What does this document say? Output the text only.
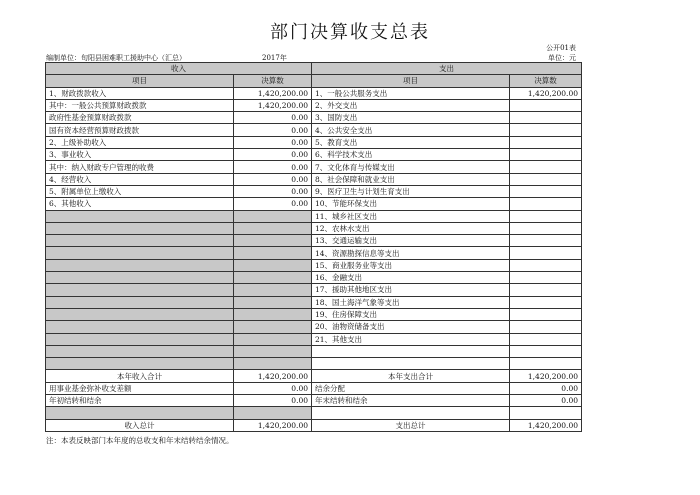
部门决算收支总表
公开01表
编制单位：旬阳县困难职工援助中心（汇总）	2017年	单位：元
收入		支出	
项目	决算数	项目	决算数
1、财政拨款收入	1,420,200.00	1、一般公共服务支出	1,420,200.00
其中：一般公共预算财政拨款	1,420,200.00	2、外交支出	
政府性基金预算财政拨款	0.00	3、国防支出	
国有资本经营预算财政拨款	0.00	4、公共安全支出	
2、上级补助收入	0.00	5、教育支出	
3、事业收入	0.00	6、科学技术支出	
其中：纳入财政专户管理的收费	0.00	7、文化体育与传媒支出	
4、经营收入	0.00	8、社会保障和就业支出	
5、附属单位上缴收入	0.00	9、医疗卫生与计划生育支出	
6、其他收入	0.00	10、节能环保支出	
		11、城乡社区支出	
		12、农林水支出	
		13、交通运输支出	
		14、资源勘探信息等支出	
		15、商业服务业等支出	
		16、金融支出	
		17、援助其他地区支出	
		18、国土海洋气象等支出	
		19、住房保障支出	
		20、油物资储备支出	
		21、其他支出	

本年收入合计	1,420,200.00	本年支出合计	1,420,200.00
用事业基金弥补收支差额	0.00	结余分配	0.00
年初结转和结余	0.00	年末结转和结余	0.00

收入总计	1,420,200.00	支出总计	1,420,200.00
注：本表反映部门本年度的总收支和年末结转结余情况。
